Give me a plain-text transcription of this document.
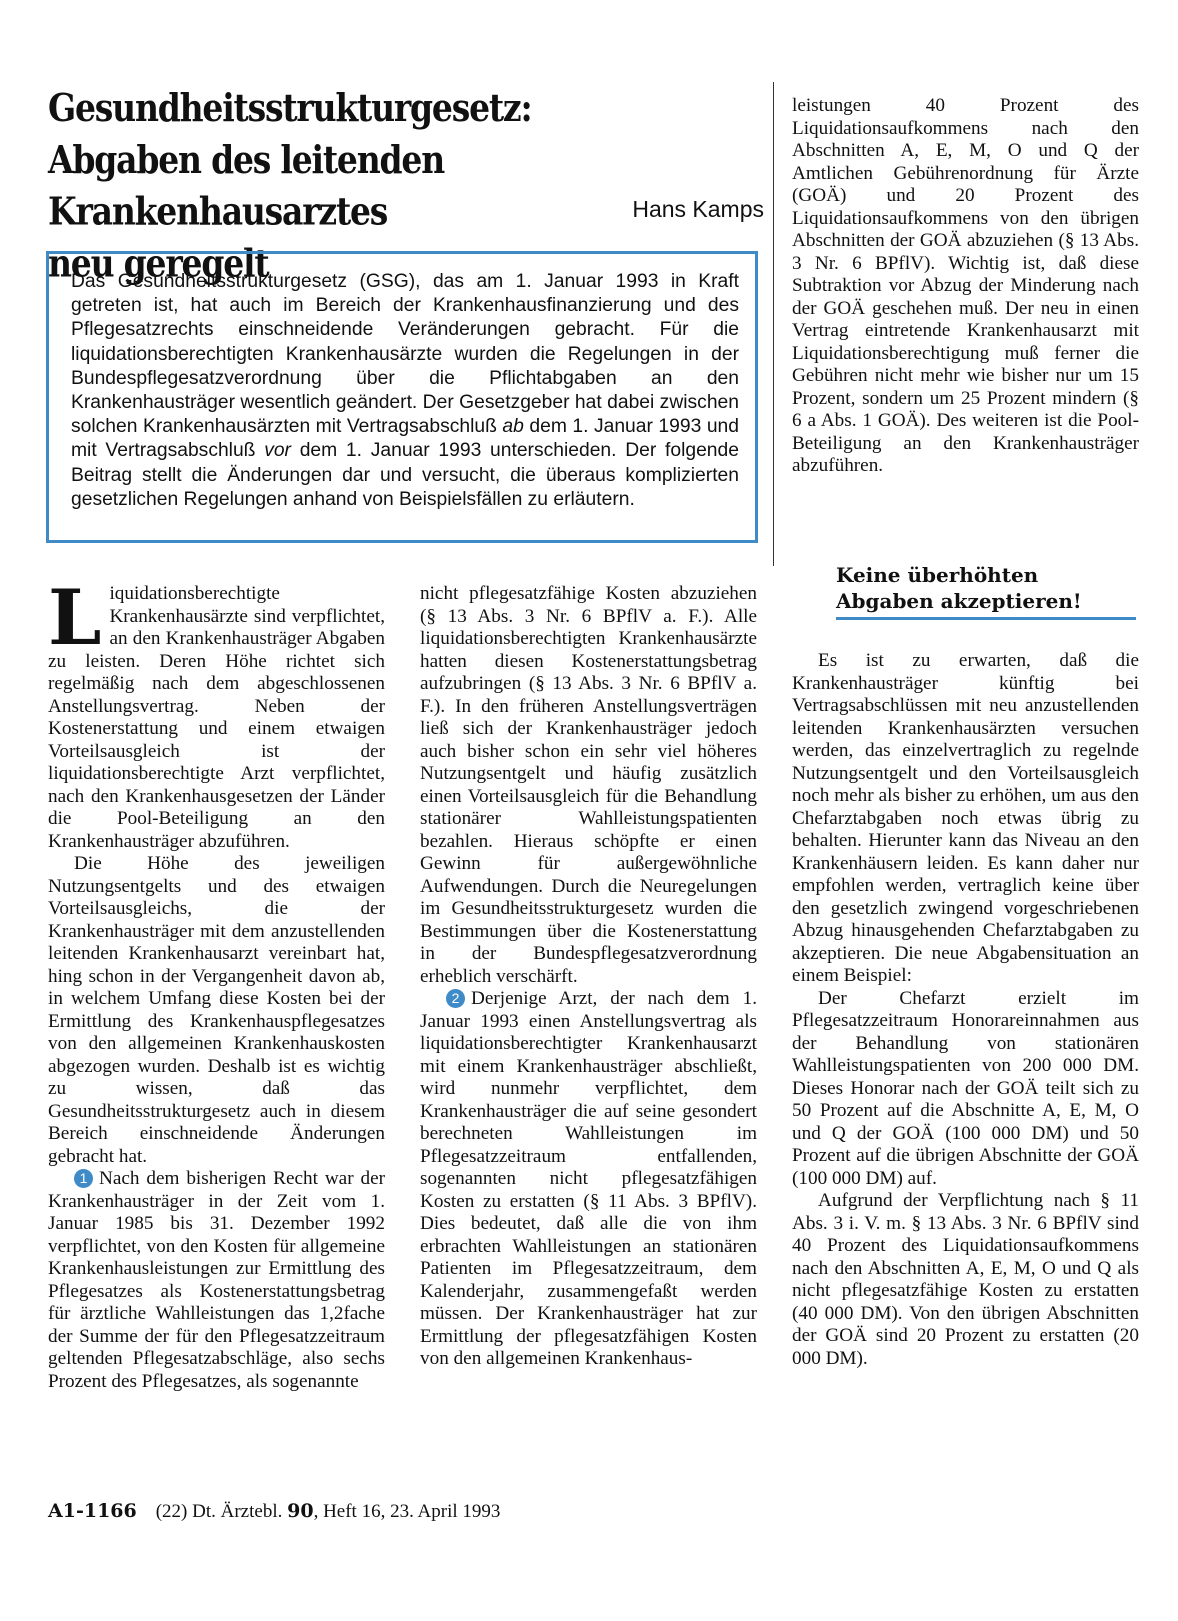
Gesundheitsstrukturgesetz:
Abgaben des leitenden Krankenhausarztes
neu geregelt
Hans Kamps

Das Gesundheitsstrukturgesetz (GSG), das am 1. Januar 1993 in Kraft getreten ist, hat auch im Bereich der Krankenhausfinanzierung und des Pflegesatzrechts einschneidende Veränderungen gebracht. Für die liquidationsberechtigten Krankenhausärzte wurden die Regelungen in der Bundespflegesatzverordnung über die Pflichtabgaben an den Krankenhausträger wesentlich geändert. Der Gesetzgeber hat dabei zwischen solchen Krankenhausärzten mit Vertragsabschluß ab dem 1. Januar 1993 und mit Vertragsabschluß vor dem 1. Januar 1993 unterschieden. Der folgende Beitrag stellt die Änderungen dar und versucht, die überaus komplizierten gesetzlichen Regelungen anhand von Beispielsfällen zu erläutern.

Liquidationsberechtigte Krankenhausärzte sind verpflichtet, an den Krankenhausträger Abgaben zu leisten. Deren Höhe richtet sich regelmäßig nach dem abgeschlossenen Anstellungsvertrag. Neben der Kostenerstattung und einem etwaigen Vorteilsausgleich ist der liquidationsberechtigte Arzt verpflichtet, nach den Krankenhausgesetzen der Länder die Pool-Beteiligung an den Krankenhausträger abzuführen.

Die Höhe des jeweiligen Nutzungsentgelts und des etwaigen Vorteilsausgleichs, die der Krankenhausträger mit dem anzustellenden leitenden Krankenhausarzt vereinbart hat, hing schon in der Vergangenheit davon ab, in welchem Umfang diese Kosten bei der Ermittlung des Krankenhauspflegesatzes von den allgemeinen Krankenhauskosten abgezogen wurden. Deshalb ist es wichtig zu wissen, daß das Gesundheitsstrukturgesetz auch in diesem Bereich einschneidende Änderungen gebracht hat.

1 Nach dem bisherigen Recht war der Krankenhausträger in der Zeit vom 1. Januar 1985 bis 31. Dezember 1992 verpflichtet, von den Kosten für allgemeine Krankenhausleistungen zur Ermittlung des Pflegesatzes als Kostenerstattungsbetrag für ärztliche Wahlleistungen das 1,2fache der Summe der für den Pflegesatzzeitraum geltenden Pflegesatzabschläge, also sechs Prozent des Pflegesatzes, als sogenannte

nicht pflegesatzfähige Kosten abzuziehen (§ 13 Abs. 3 Nr. 6 BPflV a. F.). Alle liquidationsberechtigten Krankenhausärzte hatten diesen Kostenerstattungsbetrag aufzubringen (§ 13 Abs. 3 Nr. 6 BPflV a. F.). In den früheren Anstellungsverträgen ließ sich der Krankenhausträger jedoch auch bisher schon ein sehr viel höheres Nutzungsentgelt und häufig zusätzlich einen Vorteilsausgleich für die Behandlung stationärer Wahlleistungspatienten bezahlen. Hieraus schöpfte er einen Gewinn für außergewöhnliche Aufwendungen. Durch die Neuregelungen im Gesundheitsstrukturgesetz wurden die Bestimmungen über die Kostenerstattung in der Bundespflegesatzverordnung erheblich verschärft.

2 Derjenige Arzt, der nach dem 1. Januar 1993 einen Anstellungsvertrag als liquidationsberechtigter Krankenhausarzt mit einem Krankenhausträger abschließt, wird nunmehr verpflichtet, dem Krankenhausträger die auf seine gesondert berechneten Wahlleistungen im Pflegesatzzeitraum entfallenden, sogenannten nicht pflegesatzfähigen Kosten zu erstatten (§ 11 Abs. 3 BPflV). Dies bedeutet, daß alle die von ihm erbrachten Wahlleistungen an stationären Patienten im Pflegesatzzeitraum, dem Kalenderjahr, zusammengefaßt werden müssen. Der Krankenhausträger hat zur Ermittlung der pflegesatzfähigen Kosten von den allgemeinen Krankenhaus-

leistungen 40 Prozent des Liquidationsaufkommens nach den Abschnitten A, E, M, O und Q der Amtlichen Gebührenordnung für Ärzte (GOÄ) und 20 Prozent des Liquidationsaufkommens von den übrigen Abschnitten der GOÄ abzuziehen (§ 13 Abs. 3 Nr. 6 BPflV). Wichtig ist, daß diese Subtraktion vor Abzug der Minderung nach der GOÄ geschehen muß. Der neu in einen Vertrag eintretende Krankenhausarzt mit Liquidationsberechtigung muß ferner die Gebühren nicht mehr wie bisher nur um 15 Prozent, sondern um 25 Prozent mindern (§ 6 a Abs. 1 GOÄ). Des weiteren ist die Pool-Beteiligung an den Krankenhausträger abzuführen.

Keine überhöhten
Abgaben akzeptieren!

Es ist zu erwarten, daß die Krankenhausträger künftig bei Vertragsabschlüssen mit neu anzustellenden leitenden Krankenhausärzten versuchen werden, das einzelvertraglich zu regelnde Nutzungsentgelt und den Vorteilsausgleich noch mehr als bisher zu erhöhen, um aus den Chefarztabgaben noch etwas übrig zu behalten. Hierunter kann das Niveau an den Krankenhäusern leiden. Es kann daher nur empfohlen werden, vertraglich keine über den gesetzlich zwingend vorgeschriebenen Abzug hinausgehenden Chefarztabgaben zu akzeptieren. Die neue Abgabensituation an einem Beispiel:

Der Chefarzt erzielt im Pflegesatzzeitraum Honorareinnahmen aus der Behandlung von stationären Wahlleistungspatienten von 200 000 DM. Dieses Honorar nach der GOÄ teilt sich zu 50 Prozent auf die Abschnitte A, E, M, O und Q der GOÄ (100 000 DM) und 50 Prozent auf die übrigen Abschnitte der GOÄ (100 000 DM) auf.

Aufgrund der Verpflichtung nach § 11 Abs. 3 i. V. m. § 13 Abs. 3 Nr. 6 BPflV sind 40 Prozent des Liquidationsaufkommens nach den Abschnitten A, E, M, O und Q als nicht pflegesatzfähige Kosten zu erstatten (40 000 DM). Von den übrigen Abschnitten der GOÄ sind 20 Prozent zu erstatten (20 000 DM).

A1-1166 (22) Dt. Ärztebl. 90, Heft 16, 23. April 1993
